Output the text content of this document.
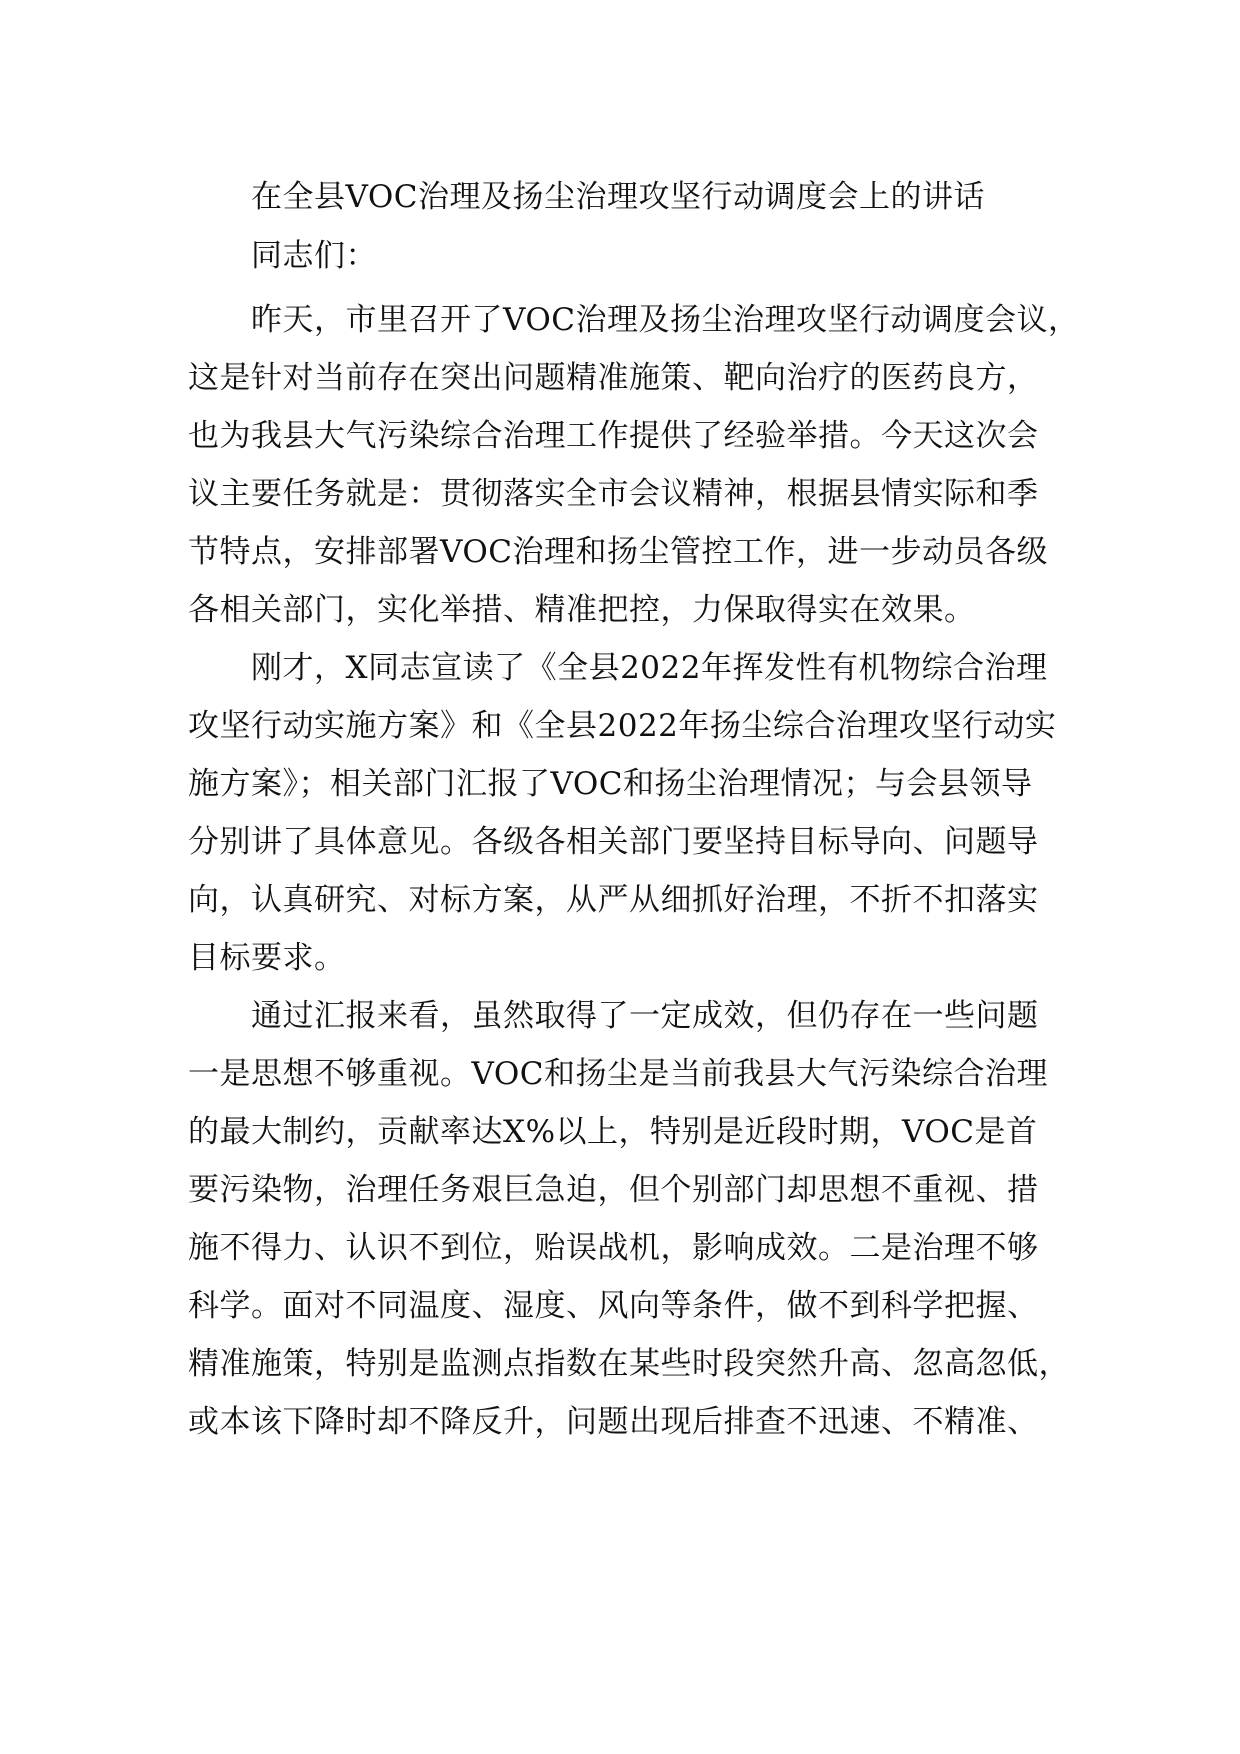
在全县VOC治理及扬尘治理攻坚行动调度会上的讲话
同志们：
昨天，市里召开了VOC治理及扬尘治理攻坚行动调度会议，
这是针对当前存在突出问题精准施策、靶向治疗的医药良方，
也为我县大气污染综合治理工作提供了经验举措。今天这次会
议主要任务就是：贯彻落实全市会议精神，根据县情实际和季
节特点，安排部署VOC治理和扬尘管控工作，进一步动员各级
各相关部门，实化举措、精准把控，力保取得实在效果。
刚才，X同志宣读了《全县2022年挥发性有机物综合治理
攻坚行动实施方案》和《全县2022年扬尘综合治理攻坚行动实
施方案》；相关部门汇报了VOC和扬尘治理情况；与会县领导
分别讲了具体意见。各级各相关部门要坚持目标导向、问题导
向，认真研究、对标方案，从严从细抓好治理，不折不扣落实
目标要求。
通过汇报来看，虽然取得了一定成效，但仍存在一些问题
一是思想不够重视。VOC和扬尘是当前我县大气污染综合治理
的最大制约，贡献率达X%以上，特别是近段时期，VOC是首
要污染物，治理任务艰巨急迫，但个别部门却思想不重视、措
施不得力、认识不到位，贻误战机，影响成效。二是治理不够
科学。面对不同温度、湿度、风向等条件，做不到科学把握、
精准施策，特别是监测点指数在某些时段突然升高、忽高忽低，
或本该下降时却不降反升，问题出现后排查不迅速、不精准、
